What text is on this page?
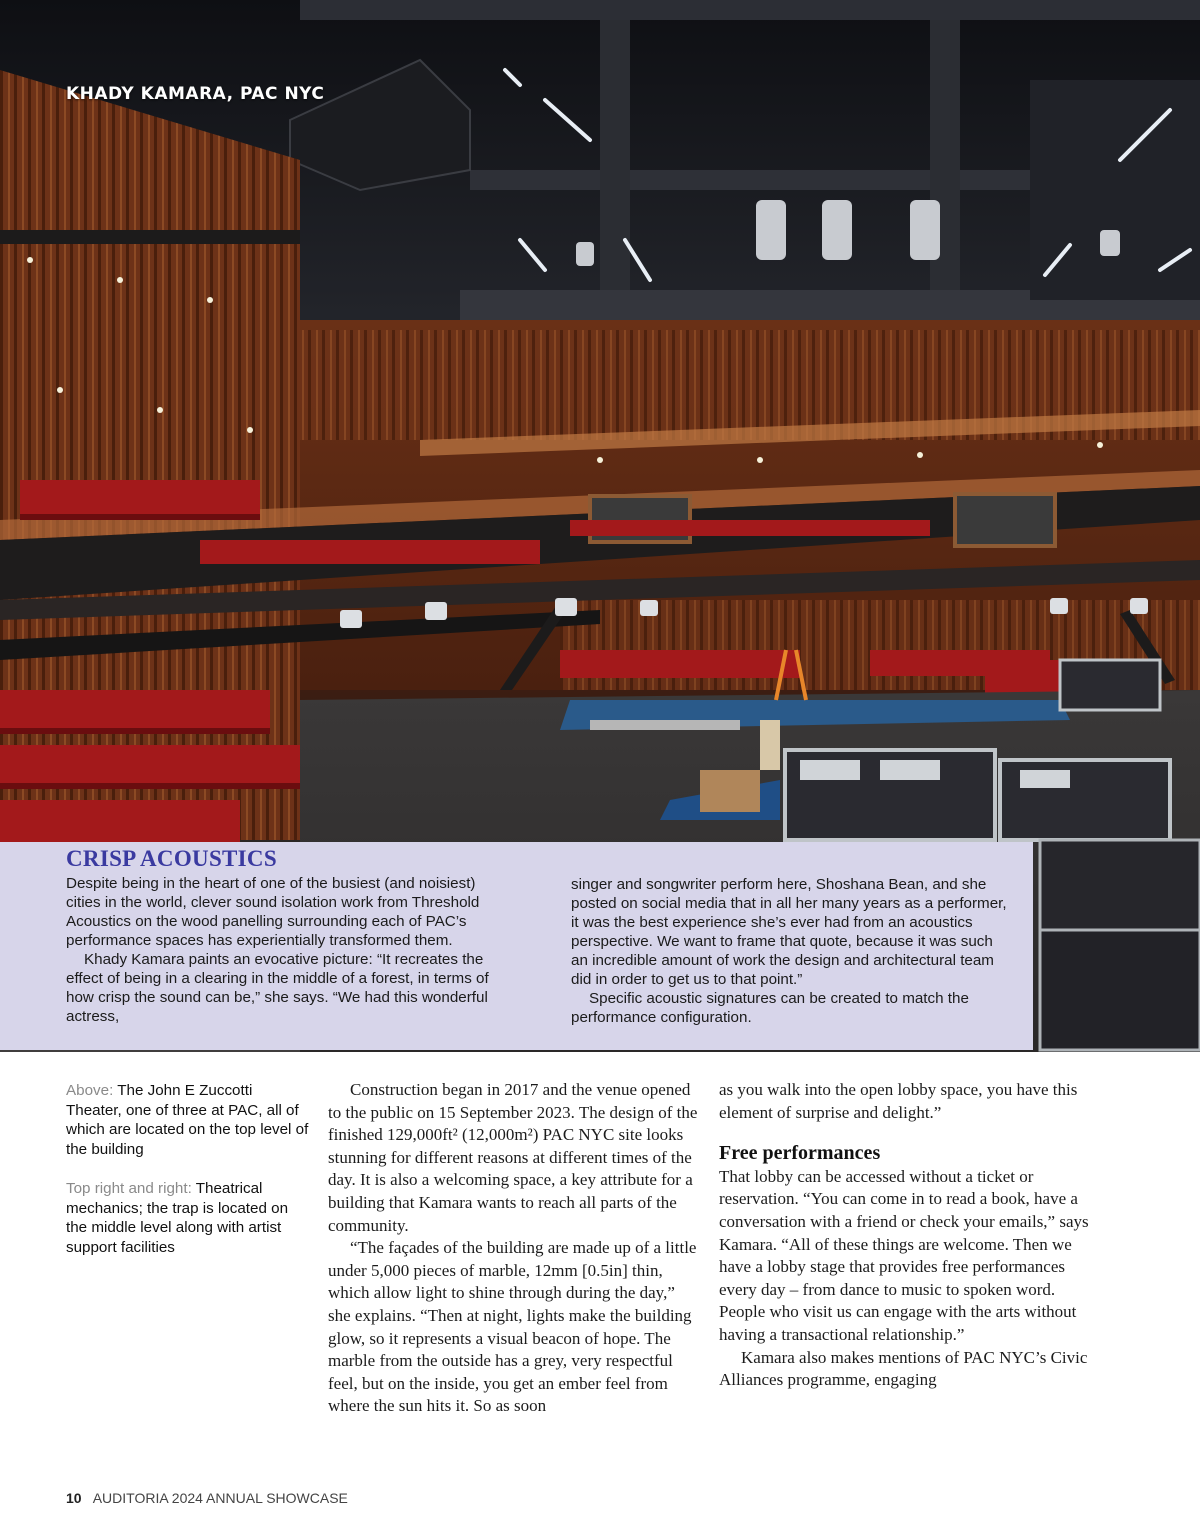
KHADY KAMARA, PAC NYC
CRISP ACOUSTICS

Despite being in the heart of one of the busiest (and noisiest) cities in the world, clever sound isolation work from Threshold Acoustics on the wood panelling surrounding each of PAC’s performance spaces has experientially transformed them.

Khady Kamara paints an evocative picture: “It recreates the effect of being in a clearing in the middle of a forest, in terms of how crisp the sound can be,” she says. “We had this wonderful actress,

singer and songwriter perform here, Shoshana Bean, and she posted on social media that in all her many years as a performer, it was the best experience she’s ever had from an acoustics perspective. We want to frame that quote, because it was such an incredible amount of work the design and architectural team did in order to get us to that point.”

Specific acoustic signatures can be created to match the performance configuration.

Above: The John E Zuccotti Theater, one of three at PAC, all of which are located on the top level of the building

Top right and right: Theatrical mechanics; the trap is located on the middle level along with artist support facilities

Construction began in 2017 and the venue opened to the public on 15 September 2023. The design of the finished 129,000ft² (12,000m²) PAC NYC site looks stunning for different reasons at different times of the day. It is also a welcoming space, a key attribute for a building that Kamara wants to reach all parts of the community.

“The façades of the building are made up of a little under 5,000 pieces of marble, 12mm [0.5in] thin, which allow light to shine through during the day,” she explains. “Then at night, lights make the building glow, so it represents a visual beacon of hope. The marble from the outside has a grey, very respectful feel, but on the inside, you get an ember feel from where the sun hits it. So as soon

as you walk into the open lobby space, you have this element of surprise and delight.”

Free performances

That lobby can be accessed without a ticket or reservation. “You can come in to read a book, have a conversation with a friend or check your emails,” says Kamara. “All of these things are welcome. Then we have a lobby stage that provides free performances every day – from dance to music to spoken word. People who visit us can engage with the arts without having a transactional relationship.”

Kamara also makes mentions of PAC NYC’s Civic Alliances programme, engaging

10 AUDITORIA 2024 ANNUAL SHOWCASE
